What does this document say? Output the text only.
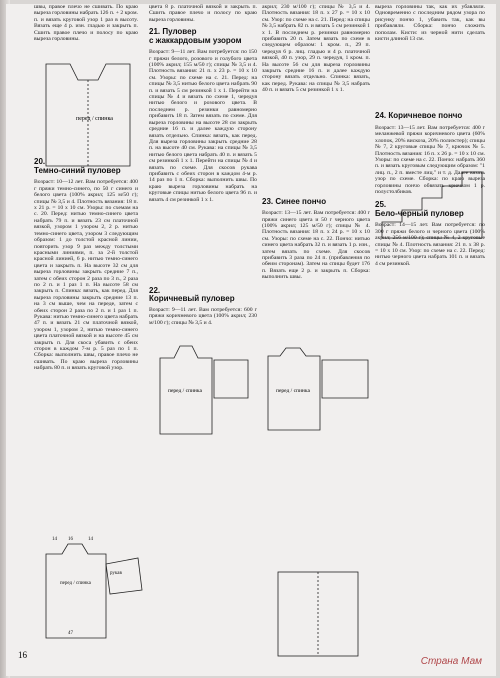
швы, правое плечо не сшивать. По краю выреза горловины набрать 126 п. + 2 кром. п. и вязать круговой узор 1 раз в высоту. Вязать еще 4 р. изн. гладью и закрыть п. Сшить правое плечо и полосу по краю выреза горловины.

20.
Темно-синий пуловер

Возраст: 10—12 лет. Вам потребуется: 400 г пряжи темно-синего, по 50 г синего и белого цвета (100% акрил; 125 м/50 г); спицы № 3,5 и 4. Плотность вязания: 18 п. х 21 р. = 10 х 10 см. Узоры: по схемам на с. 20. Перед: нитью темно-синего цвета набрать 79 п. и вязать 23 см платочной вязкой, узором 1 узором 2, 2 р. нитью темно-синего цвета, узором 3 следующим образом: 1 до толстой красной линии, повторить узор 9 раз между толстыми красными линиями, п. за 2-й толстой красной линией, 6 р. нитью темно-синего цвета и закрыть п. На высоте 32 см для выреза горловины закрыть средние 7 п., затем с обеих сторон 2 раза по 3 п., 2 раза по 2 п. и 1 раз 1 п. На высоте 58 см закрыть п. Спинка: вязать, как перед. Для выреза горловины закрыть средние 13 п. на 3 см выше, чем на переде, затем с обеих сторон 2 раза по 2 п. и 1 раз 1 п. Рукава: нитью темно-синего цвета набрать 47 п. и вязать 21 см платочной вязкой, узором 1, узором 2, нитью темно-синего цвета платочной вязкой и на высоте 45 см закрыть п. Для скоса убавить с обеих сторон в каждом 7-м р. 5 раз по 1 п. Сборка: выполнить швы, правое плечо не сшивать. По краю выреза горловины набрать 80 п. и вязать круговой узор.

цвета 8 р. платочной вязкой и закрыть п. Сшить правое плечо и полосу по краю выреза горловины.

21. Пуловер
с жаккардовым узором

Возраст: 9—11 лет. Вам потребуется: по 150 г пряжи белого, розового и голубого цвета (100% акрил; 155 м/50 г); спицы № 3,5 и 4. Плотность вязания: 21 п. х 23 р. = 10 х 10 см. Узоры: по схеме на с. 21. Перед: на спицы № 3,5 нитью белого цвета набрать 90 п. и вязать 5 см резинкой 1 х 1. Перейти на спицы № 4 и вязать по схеме 1, чередуя нитью белого и розового цвета. В последнем р. резинки равномерно прибавить 18 п. Затем вязать по схеме. Для выреза горловины на высоте 28 см закрыть средние 16 п. и далее каждую сторону вязать отдельно. Спинка: вязать, как перед. Для выреза горловины закрыть средние 28 п. на высоте 40 см. Рукава: на спицы № 3,5 нитью белого цвета набрать 40 п. и вязать 5 см резинкой 1 х 1. Перейти на спицы № 4 и вязать по схеме. Для скосов рукава прибавить с обеих сторон в каждом 4-м р. 14 раз по 1 п. Сборка: выполнить швы. По краю выреза горловины набрать на круговые спицы нитью белого цвета 96 п. и вязать 4 см резинкой 1 х 1.

22.
Коричневый пуловер

Возраст: 9—11 лет. Вам потребуется: 600 г пряжи коричневого цвета (100% акрил; 230 м/100 г); спицы № 3,5 и 4.

акрил; 230 м/100 г); спицы № 3,5 и 4. Плотность вязания: 18 п. х 27 р. = 10 х 10 см. Узор: по схеме на с. 21. Перед: на спицы № 3,5 набрать 82 п. и вязать 5 см резинкой 1 х 1. В последнем р. резинки равномерно прибавить 20 п. Затем вязать по схеме в следующем образом: 1 кром. п., 29 п. чередуя 6 р. лиц. гладью и 4 р. платочной вязкой, 40 п. узор, 29 п. чередуя, 1 кром. п. На высоте 56 см для выреза горловины закрыть средние 16 п. и далее каждую сторону вязать отдельно. Спинка: вязать, как перед. Рукава: на спицы № 3,5 набрать 40 п. и вязать 5 см резинкой 1 х 1.

23. Синее пончо

Возраст: 13—15 лет. Вам потребуется: 400 г пряжи синего цвета и 50 г черного цвета (100% акрил; 125 м/50 г); спицы № 4. Плотность вязания: 18 п. х 24 р. = 10 х 10 см. Узоры: по схеме на с. 22. Пончо: нитью синего цвета набрать 32 п. и вязать 1 р. изн., затем вязать по схеме. Для скосов прибавить 3 раза по 24 п. (прибавления по обеим сторонам). Затем на спицы будет 176 п. Вязать еще 2 р. и закрыть п. Сборка: выполнить швы.

выреза горловины так, как их убавляли. Одновременно с последним рядом узора по рисунку пончо 1, убавить так, как вы прибавляли. Сборка: пончо сложить пополам. Кисти: из черной нити сделать кисти длиной 13 см.

24. Коричневое пончо

Возраст: 13—15 лет. Вам потребуется: 400 г меланжевой пряжи коричневого цвета (60% хлопок, 20% вискоза, 20% полиэстер); спицы № 7, 2 круговые спицы № 7, крючок № 5. Плотность вязания: 16 п. х 26 р. = 10 х 10 см. Узоры: по схеме на с. 22. Пончо: набрать 360 п. и вязать круговым следующим образом: "1 лиц. п., 2 п. вместе лиц." и т. д. Далее вязать узор по схеме. Сборка: по краю выреза горловины пончо обвязать крючком 1 р. полустолбиков.

25.
Бело-черный пуловер

Возраст: 14—15 лет. Вам потребуется: по 300 г пряжи белого и черного цвета (100% акрил; 256 м/100 г); спицы № 4, 2 круговые спицы № 4. Плотность вязания: 21 п. х 38 р. = 10 х 10 см. Узор: по схеме на с. 22. Перед: нитью черного цвета набрать 101 п. и вязать 4 см резинкой.

перед / спинка
14 16	14
рукав
перед / спинка
47
перед / спинка	перед / спинка
16
Страна Мам
